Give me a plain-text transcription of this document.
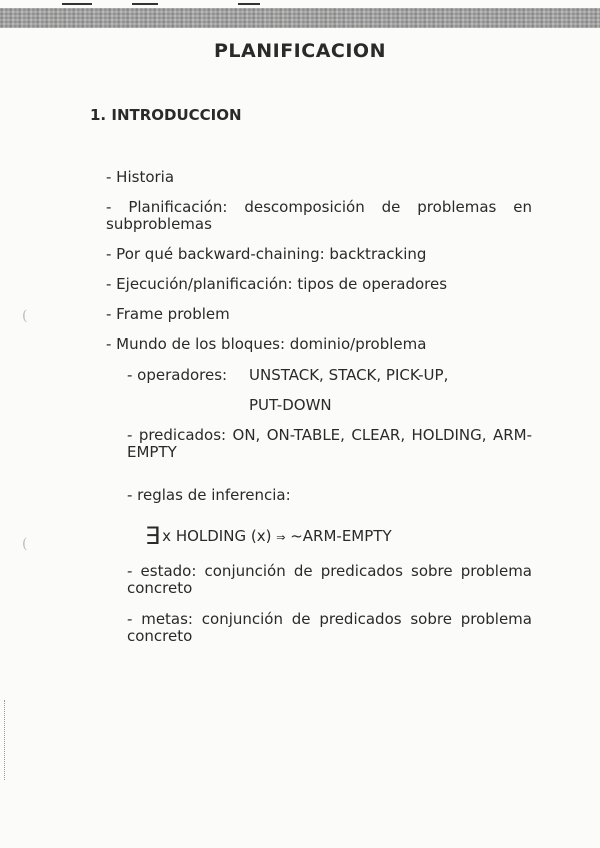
(
(
PLANIFICACION
1. INTRODUCCION
- Historia
- Planificación: descomposición de problemas en subproblemas
- Por qué backward-chaining: backtracking
- Ejecución/planificación: tipos de operadores
- Frame problem
- Mundo de los bloques: dominio/problema
- operadores: UNSTACK, STACK, PICK-UP,
PUT-DOWN
- predicados: ON, ON-TABLE, CLEAR, HOLDING, ARM-EMPTY
- reglas de inferencia:
∃ x HOLDING (x) ⇒ ~ARM-EMPTY
- estado: conjunción de predicados sobre problema concreto
- metas: conjunción de predicados sobre problema concreto
